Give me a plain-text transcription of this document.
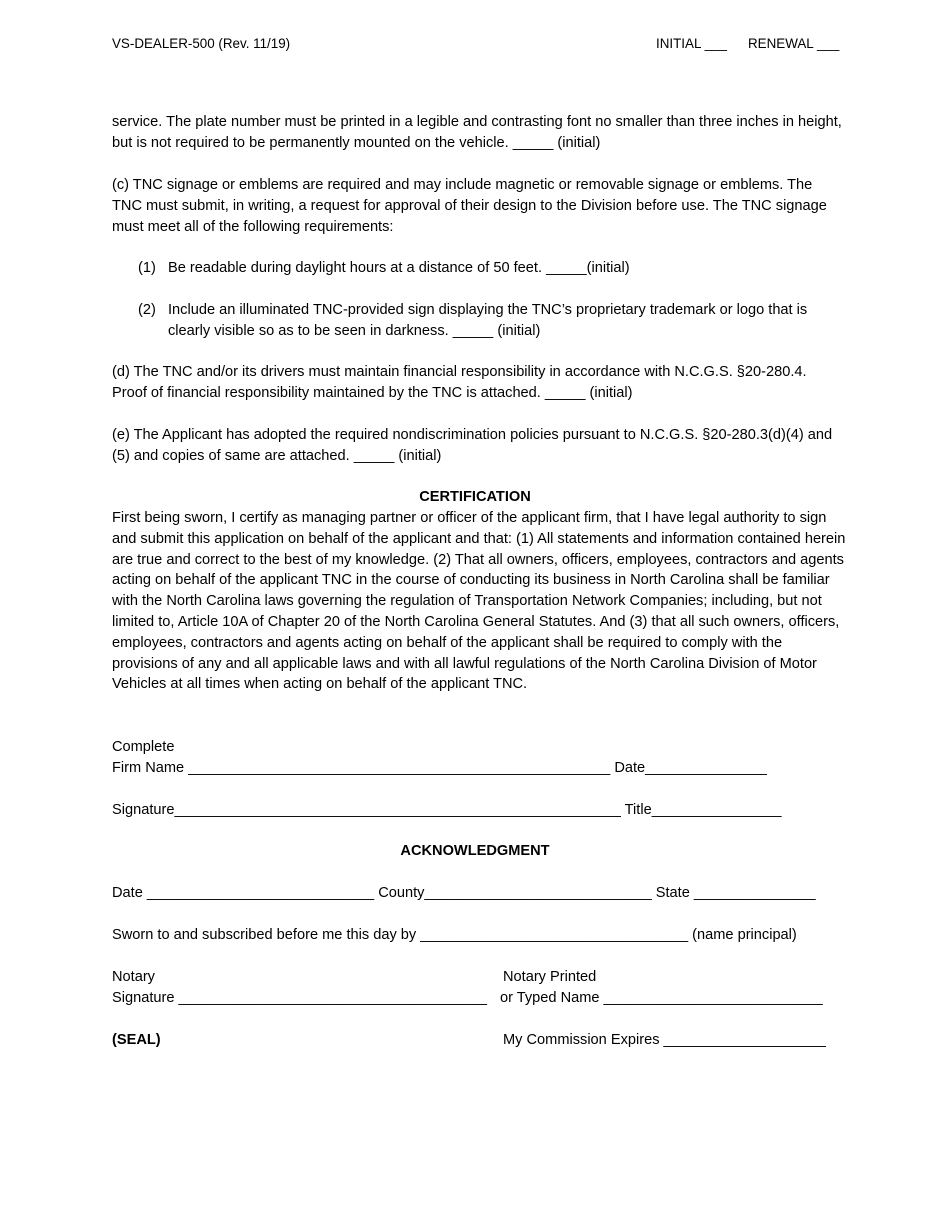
VS-DEALER-500 (Rev. 11/19)	INITIAL ___ RENEWAL ___
service. The plate number must be printed in a legible and contrasting font no smaller than three inches in height, but is not required to be permanently mounted on the vehicle. _____ (initial)
(c) TNC signage or emblems are required and may include magnetic or removable signage or emblems. The TNC must submit, in writing, a request for approval of their design to the Division before use. The TNC signage must meet all of the following requirements:
(1) Be readable during daylight hours at a distance of 50 feet. _____(initial)
(2) Include an illuminated TNC-provided sign displaying the TNC’s proprietary trademark or logo that is clearly visible so as to be seen in darkness. _____ (initial)
(d) The TNC and/or its drivers must maintain financial responsibility in accordance with N.C.G.S. §20-280.4. Proof of financial responsibility maintained by the TNC is attached. _____ (initial)
(e) The Applicant has adopted the required nondiscrimination policies pursuant to N.C.G.S. §20-280.3(d)(4) and (5) and copies of same are attached. _____ (initial)
CERTIFICATION
First being sworn, I certify as managing partner or officer of the applicant firm, that I have legal authority to sign and submit this application on behalf of the applicant and that: (1) All statements and information contained herein are true and correct to the best of my knowledge. (2) That all owners, officers, employees, contractors and agents acting on behalf of the applicant TNC in the course of conducting its business in North Carolina shall be familiar with the North Carolina laws governing the regulation of Transportation Network Companies; including, but not limited to, Article 10A of Chapter 20 of the North Carolina General Statutes. And (3) that all such owners, officers, employees, contractors and agents acting on behalf of the applicant shall be required to comply with the provisions of any and all applicable laws and with all lawful regulations of the North Carolina Division of Motor Vehicles at all times when acting on behalf of the applicant TNC.
Complete
Firm Name ____________________________________________________ Date_______________
Signature_______________________________________________________ Title________________
ACKNOWLEDGMENT
Date ____________________________ County____________________________ State _______________
Sworn to and subscribed before me this day by _________________________________ (name principal)
Notary
Signature ______________________________________
Notary Printed
or Typed Name ___________________________
(SEAL)	My Commission Expires ____________________
